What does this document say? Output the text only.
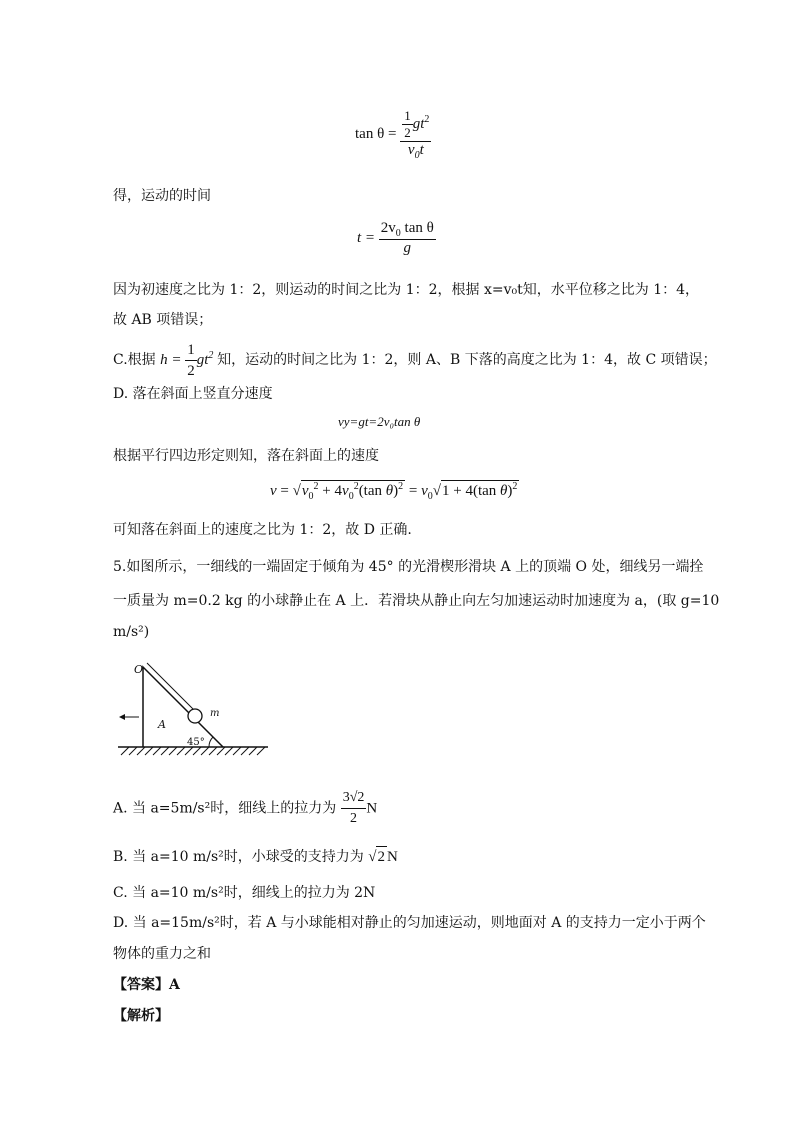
$\tan \theta = \frac{\frac{1}{2} gt^2}{v_0t}$
得，运动的时间
$t = \frac{2v_0 \tan \theta}{g}$
因为初速度之比为 1：2，则运动的时间之比为 1：2，根据 x=v₀t知，水平位移之比为 1：4，
故 AB 项错误；
C.根据 $h = \frac{1}{2} gt^2$ 知，运动的时间之比为 1：2，则 A、B 下落的高度之比为 1：4，故 C 项错误；
D. 落在斜面上竖直分速度
vy=gt=2v₀tan θ
根据平行四边形定则知，落在斜面上的速度
$v = √v_0^2 + 4v_0^2(\tan$ $\theta)^2 = v_0√1 + 4(\tan$ θ)$^2$
可知落在斜面上的速度之比为 1：2，故 D 正确.
5.如图所示，一细线的一端固定于倾角为 45° 的光滑楔形滑块 A 上的顶端 O 处，细线另一端拴
一质量为 m=0.2 kg 的小球静止在 A 上．若滑块从静止向左匀加速运动时加速度为 a，(取 g=10
m/s²)
O
A
m
45°
A. 当 a=5m/s²时，细线上的拉力为 $\frac{3√2}{2}$ N
B. 当 a=10 m/s²时，小球受的支持力为 √2 N
C. 当 a=10 m/s²时，细线上的拉力为 2N
D. 当 a=15m/s²时，若 A 与小球能相对静止的匀加速运动，则地面对 A 的支持力一定小于两个
物体的重力之和
【答案】A
【解析】
